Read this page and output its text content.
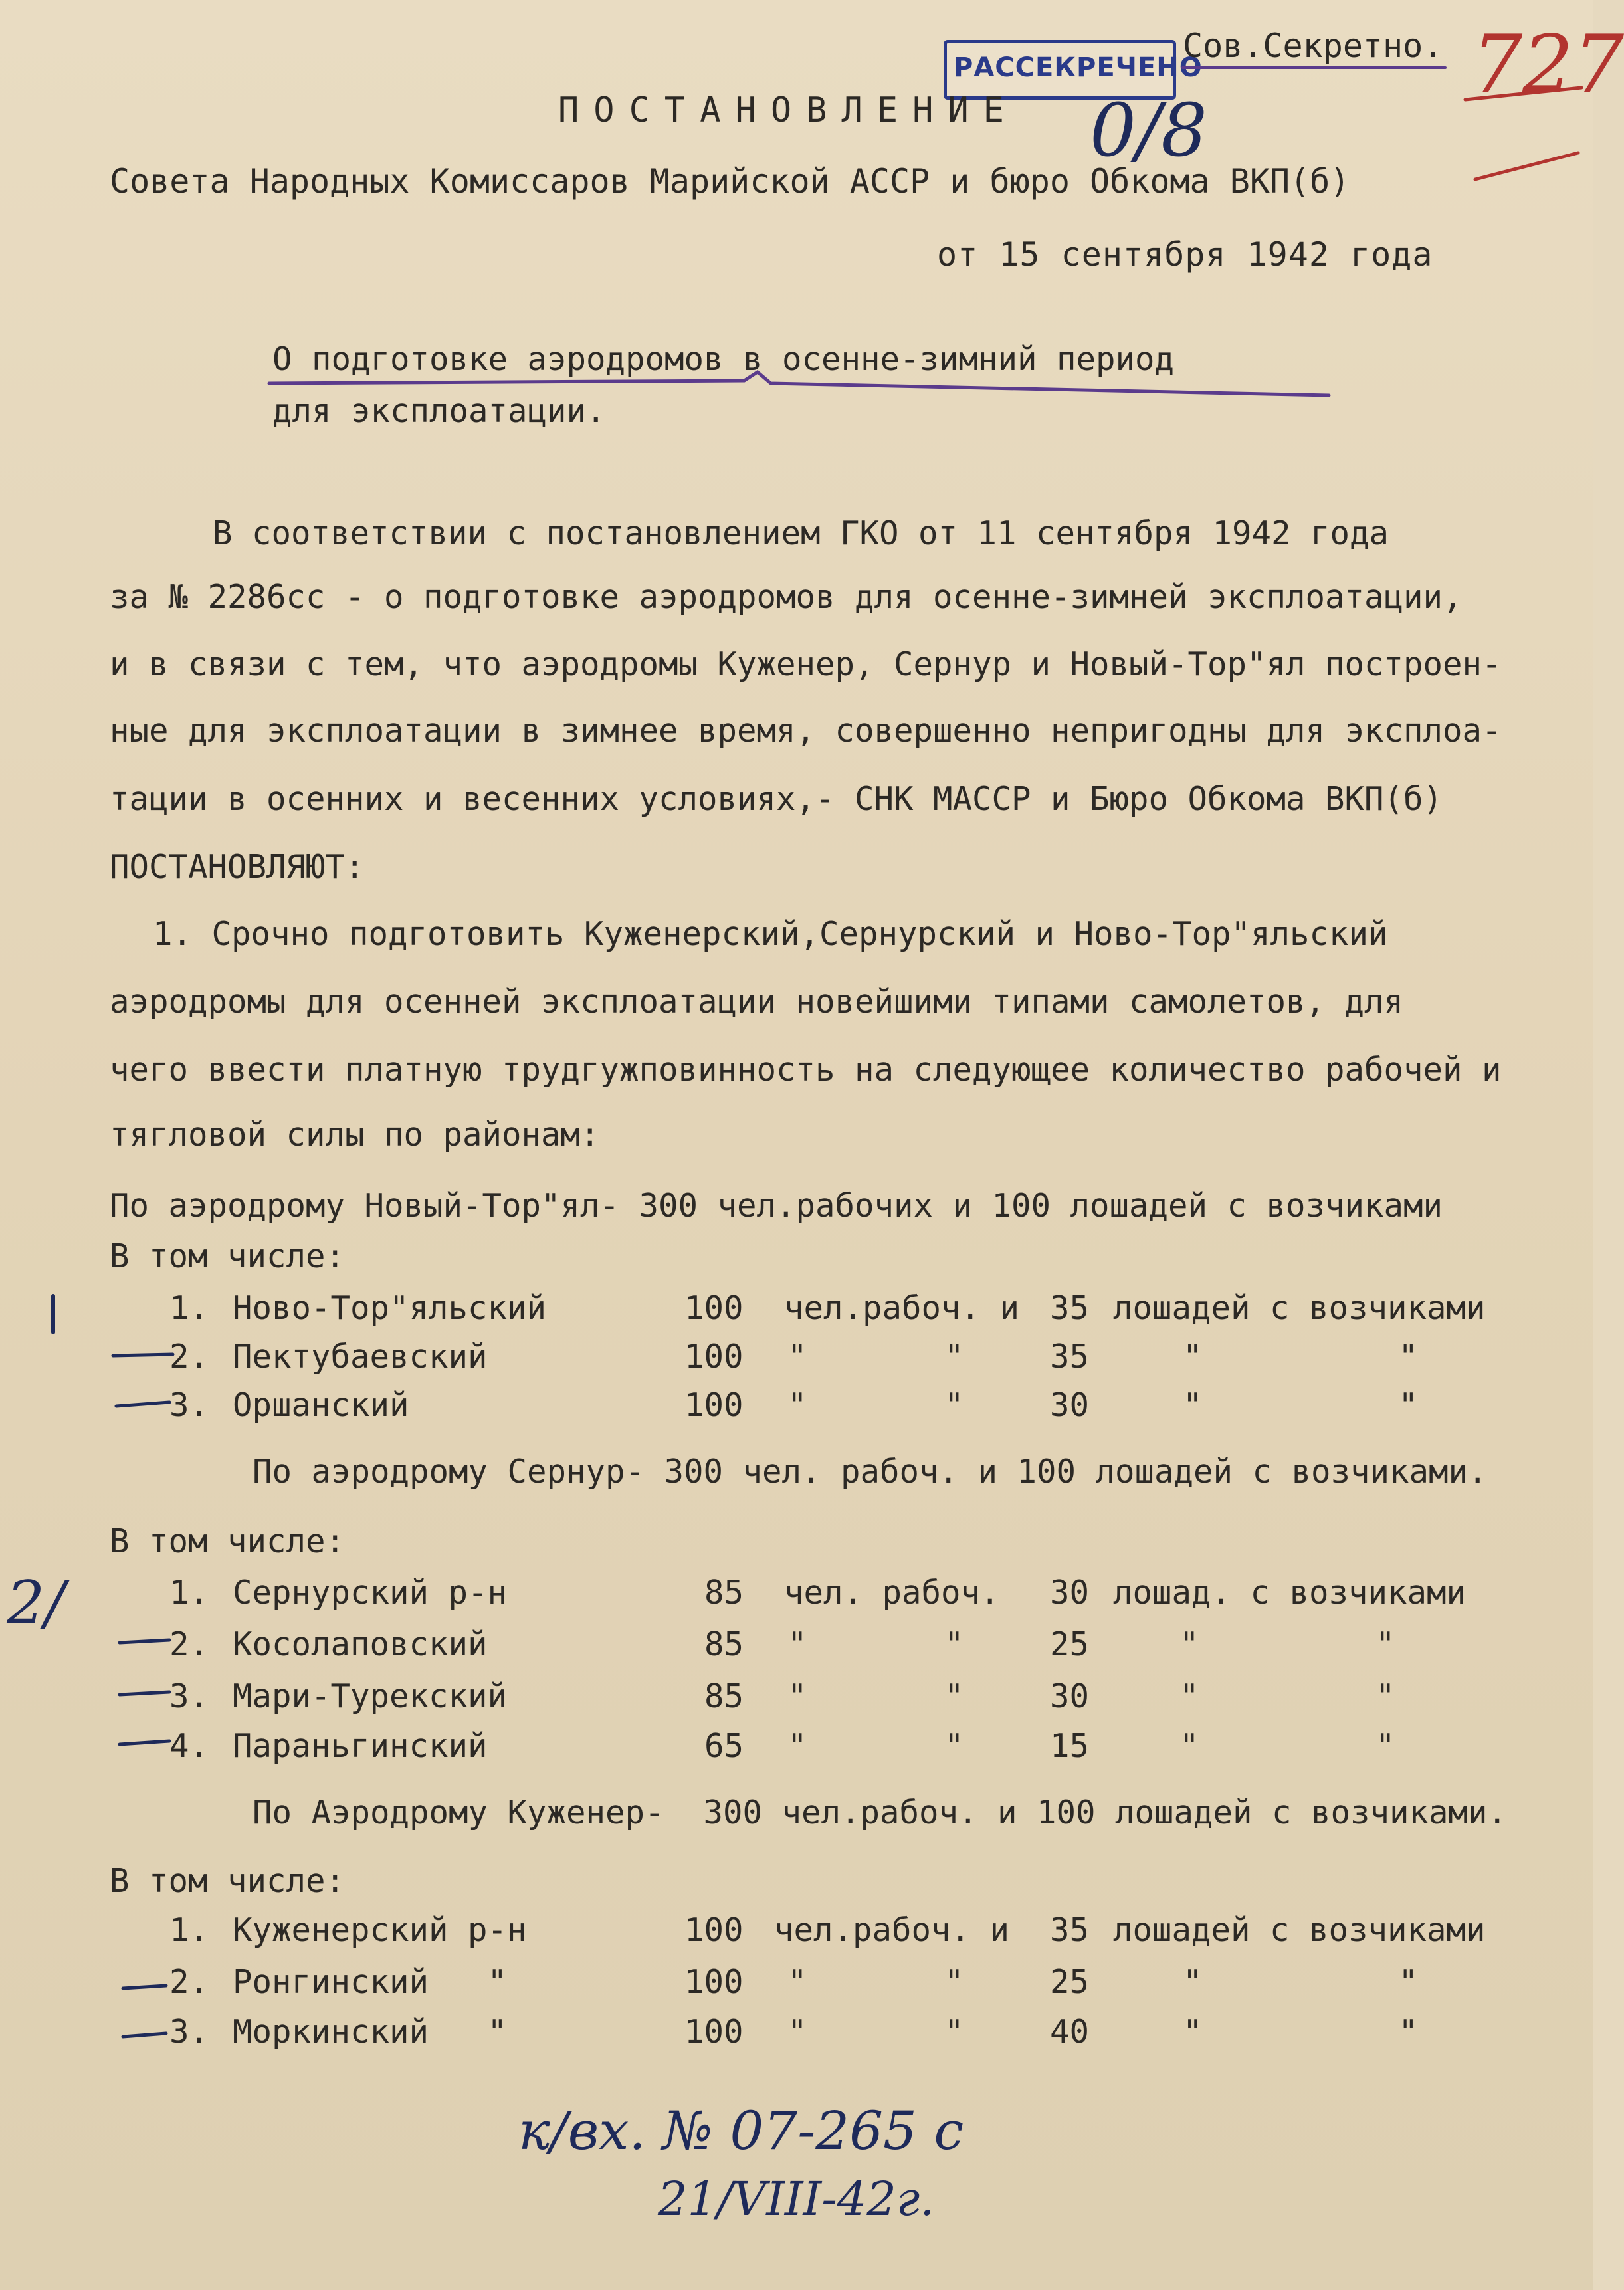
РАССЕКРЕЧЕНО
Сов.Секретно. 727
0/8
ПОСТАНОВЛЕНИЕ
Совета Народных Комиссаров Марийской АССР и бюро Обкома ВКП(б)
от 15 сентября 1942 года
О подготовке аэродромов в осенне-зимний период
для эксплоатации.
В соответствии с постановлением ГКО от 11 сентября 1942 года
за № 2286сс - о подготовке аэродромов для осенне-зимней эксплоатации,
и в связи с тем, что аэродромы Куженер, Сернур и Новый-Тор"ял построен-
ные для эксплоатации в зимнее время, совершенно непригодны для эксплоа-
тации в осенних и весенних условиях,- СНК МАССР и Бюро Обкома ВКП(б)
ПОСТАНОВЛЯЮТ:
1. Срочно подготовить Куженерский,Сернурский и Ново-Тор"яльский
аэродромы для осенней эксплоатации новейшими типами самолетов, для
чего ввести платную трудгужповинность на следующее количество рабочей и
тягловой силы по районам:
По аэродрому Новый-Тор"ял- 300 чел.рабочих и 100 лошадей с возчиками
В том числе:
1. Ново-Тор"яльский	100 чел.рабоч. и 35 лошадей с возчиками
2. Пектубаевский	100 "       "	35	"          "
3. Оршанский	100 "       "	30	"          "
По аэродрому Сернур- 300 чел. рабоч. и 100 лошадей с возчиками.
В том числе:
1. Сернурский р-н	85 чел. рабоч. 30 лошад. с возчиками
2. Косолаповский	85 "       "	25	"         "
3. Мари-Турекский	85 "       "	30	"         "
4. Параньгинский	65 "       "	15	"         "
По Аэродрому Куженер-  300 чел.рабоч. и 100 лошадей с возчиками.
В том числе:
1. Куженерский р-н	100 чел.рабоч. и 35 лошадей с возчиками
2. Ронгинский   "	100 "       "	25	"          "
3. Моркинский   "	100 "       "	40	"          "
2/
к/вх. № 07-265 с
21/VIII-42г.
